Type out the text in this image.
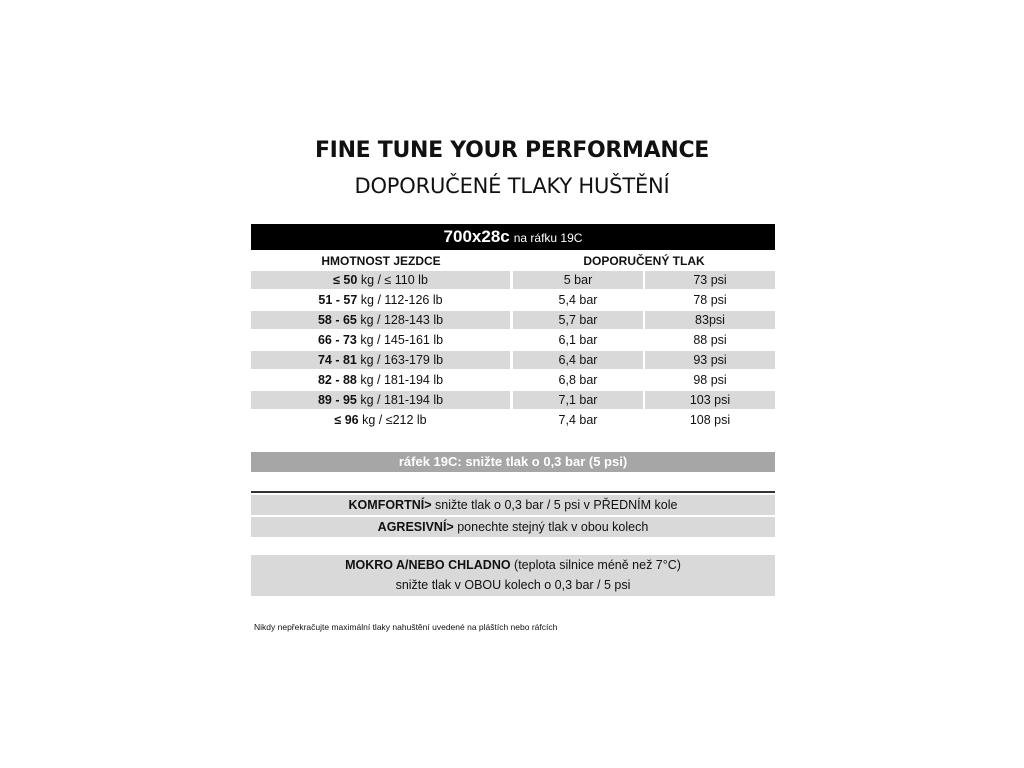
FINE TUNE YOUR PERFORMANCE
DOPORUČENÉ TLAKY HUŠTĚNÍ
700x28c na ráfku 19C
HMOTNOST JEZDCE	DOPORUČENÝ TLAK
≤ 50 kg / ≤ 110 lb	5 bar	73 psi
51 - 57 kg / 112-126 lb	5,4 bar	78 psi
58 - 65 kg / 128-143 lb	5,7 bar	83psi
66 - 73 kg / 145-161 lb	6,1 bar	88 psi
74 - 81 kg / 163-179 lb	6,4 bar	93 psi
82 - 88 kg / 181-194 lb	6,8 bar	98 psi
89 - 95 kg / 181-194 lb	7,1 bar	103 psi
≤ 96 kg / ≤212 lb	7,4 bar	108 psi
ráfek 19C: snižte tlak o 0,3 bar (5 psi)
KOMFORTNÍ> snižte tlak o 0,3 bar / 5 psi v PŘEDNÍM kole
AGRESIVNÍ> ponechte stejný tlak v obou kolech
MOKRO A/NEBO CHLADNO (teplota silnice méně než 7°C)
snižte tlak v OBOU kolech o 0,3 bar / 5 psi
Nikdy nepřekračujte maximální tlaky nahuštění uvedené na pláštích nebo ráfcích
